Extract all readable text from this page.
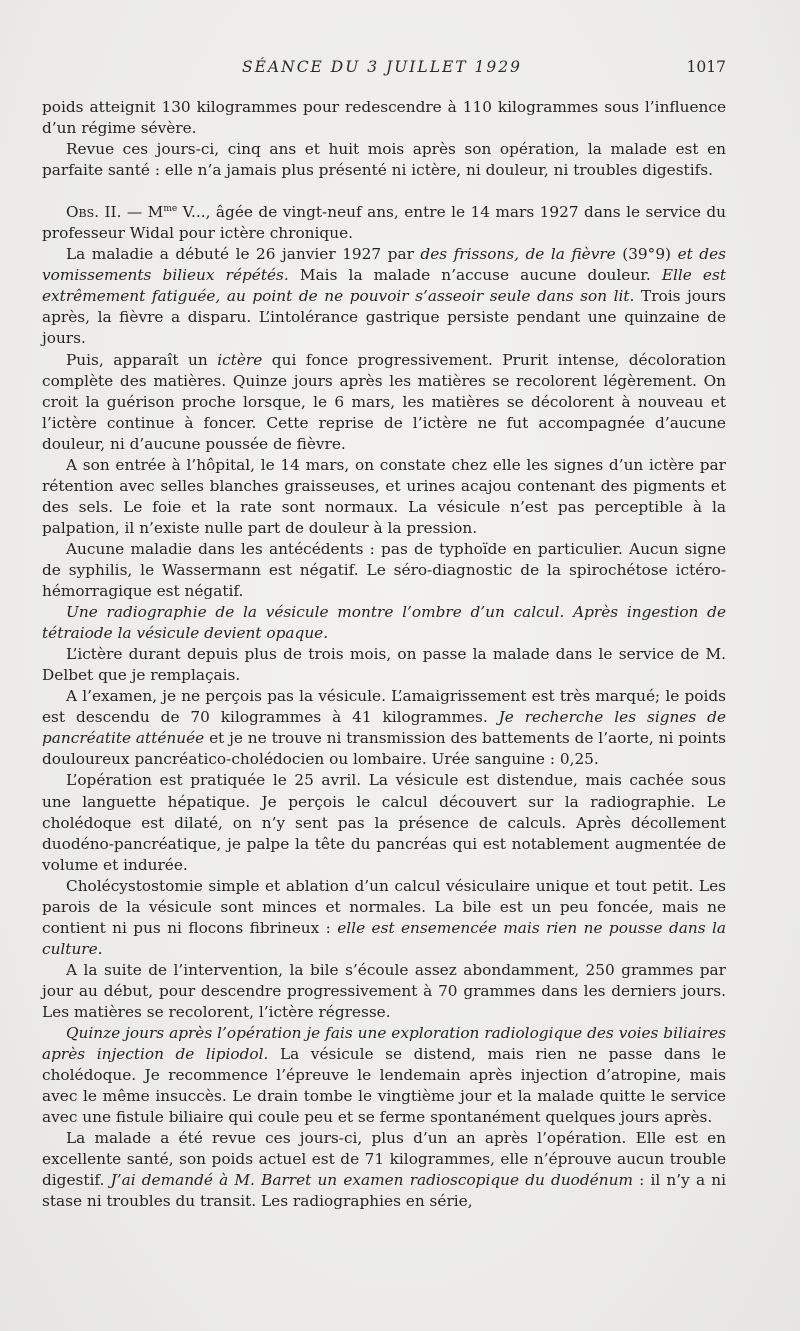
SÉANCE DU 3 JUILLET 1929	1017

poids atteignit 130 kilogrammes pour redescendre à 110 kilogrammes sous l’influence d’un régime sévère.

Revue ces jours-ci, cinq ans et huit mois après son opération, la malade est en parfaite santé : elle n’a jamais plus présenté ni ictère, ni douleur, ni troubles digestifs.

Obs. II. — $M^{me}$ V..., âgée de vingt-neuf ans, entre le 14 mars 1927 dans le service du professeur Widal pour ictère chronique.

La maladie a débuté le 26 janvier 1927 par des frissons, de la fièvre (39°9) et des vomissements bilieux répétés. Mais la malade n’accuse aucune douleur. Elle est extrêmement fatiguée, au point de ne pouvoir s’asseoir seule dans son lit. Trois jours après, la fièvre a disparu. L’intolérance gastrique persiste pendant une quinzaine de jours.

Puis, apparaît un ictère qui fonce progressivement. Prurit intense, décoloration complète des matières. Quinze jours après les matières se recolorent légèrement. On croit la guérison proche lorsque, le 6 mars, les matières se décolorent à nouveau et l’ictère continue à foncer. Cette reprise de l’ictère ne fut accompagnée d’aucune douleur, ni d’aucune poussée de fièvre.

A son entrée à l’hôpital, le 14 mars, on constate chez elle les signes d’un ictère par rétention avec selles blanches graisseuses, et urines acajou contenant des pigments et des sels. Le foie et la rate sont normaux. La vésicule n’est pas perceptible à la palpation, il n’existe nulle part de douleur à la pression.

Aucune maladie dans les antécédents : pas de typhoïde en particulier. Aucun signe de syphilis, le Wassermann est négatif. Le séro-diagnostic de la spirochétose ictéro-hémorragique est négatif.

Une radiographie de la vésicule montre l’ombre d’un calcul. Après ingestion de tétraiode la vésicule devient opaque.

L’ictère durant depuis plus de trois mois, on passe la malade dans le service de M. Delbet que je remplaçais.

A l’examen, je ne perçois pas la vésicule. L’amaigrissement est très marqué; le poids est descendu de 70 kilogrammes à 41 kilogrammes. Je recherche les signes de pancréatite atténuée et je ne trouve ni transmission des battements de l’aorte, ni points douloureux pancréatico-cholédocien ou lombaire. Urée sanguine : 0,25.

L’opération est pratiquée le 25 avril. La vésicule est distendue, mais cachée sous une languette hépatique. Je perçois le calcul découvert sur la radiographie. Le cholédoque est dilaté, on n’y sent pas la présence de calculs. Après décollement duodéno-pancréatique, je palpe la tête du pancréas qui est notablement augmentée de volume et indurée.

Cholécystostomie simple et ablation d’un calcul vésiculaire unique et tout petit. Les parois de la vésicule sont minces et normales. La bile est un peu foncée, mais ne contient ni pus ni flocons fibrineux : elle est ensemencée mais rien ne pousse dans la culture.

A la suite de l’intervention, la bile s’écoule assez abondamment, 250 grammes par jour au début, pour descendre progressivement à 70 grammes dans les derniers jours. Les matières se recolorent, l’ictère régresse.

Quinze jours après l’opération je fais une exploration radiologique des voies biliaires après injection de lipiodol. La vésicule se distend, mais rien ne passe dans le cholédoque. Je recommence l’épreuve le lendemain après injection d’atropine, mais avec le même insuccès. Le drain tombe le vingtième jour et la malade quitte le service avec une fistule biliaire qui coule peu et se ferme spontanément quelques jours après.

La malade a été revue ces jours-ci, plus d’un an après l’opération. Elle est en excellente santé, son poids actuel est de 71 kilogrammes, elle n’éprouve aucun trouble digestif. J’ai demandé à M. Barret un examen radioscopique du duodénum : il n’y a ni stase ni troubles du transit. Les radiographies en série,
